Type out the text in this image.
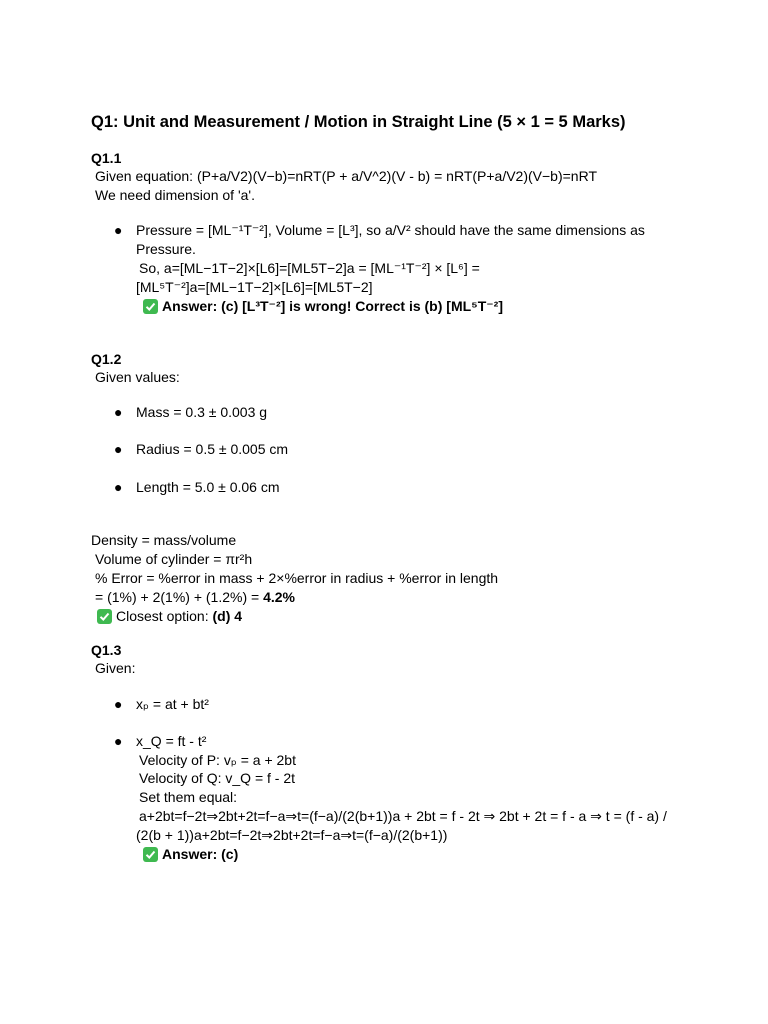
Q1: Unit and Measurement / Motion in Straight Line (5 × 1 = 5 Marks)
Q1.1
Given equation: (P+a/V2)(V−b)=nRT(P + a/V^2)(V - b) = nRT(P+a/V2)(V−b)=nRT
We need dimension of 'a'.
● Pressure = [ML⁻¹T⁻²], Volume = [L³], so a/V² should have the same dimensions as
Pressure.
So, a=[ML−1T−2]×[L6]=[ML5T−2]a = [ML⁻¹T⁻²] × [L⁶] =
[ML⁵T⁻²]a=[ML−1T−2]×[L6]=[ML5T−2]
Answer: (c) [L³T⁻²] is wrong! Correct is (b) [ML⁵T⁻²]
Q1.2
Given values:
● Mass = 0.3 ± 0.003 g
● Radius = 0.5 ± 0.005 cm
● Length = 5.0 ± 0.06 cm
Density = mass/volume
Volume of cylinder = πr²h
% Error = %error in mass + 2×%error in radius + %error in length
= (1%) + 2(1%) + (1.2%) = 4.2%
Closest option: (d) 4
Q1.3
Given:
● xₚ = at + bt²
● x_Q = ft - t²
Velocity of P: vₚ = a + 2bt
Velocity of Q: v_Q = f - 2t
Set them equal:
a+2bt=f−2t⇒2bt+2t=f−a⇒t=(f−a)/(2(b+1))a + 2bt = f - 2t ⇒ 2bt + 2t = f - a ⇒ t = (f - a) /
(2(b + 1))a+2bt=f−2t⇒2bt+2t=f−a⇒t=(f−a)/(2(b+1))
Answer: (c)
